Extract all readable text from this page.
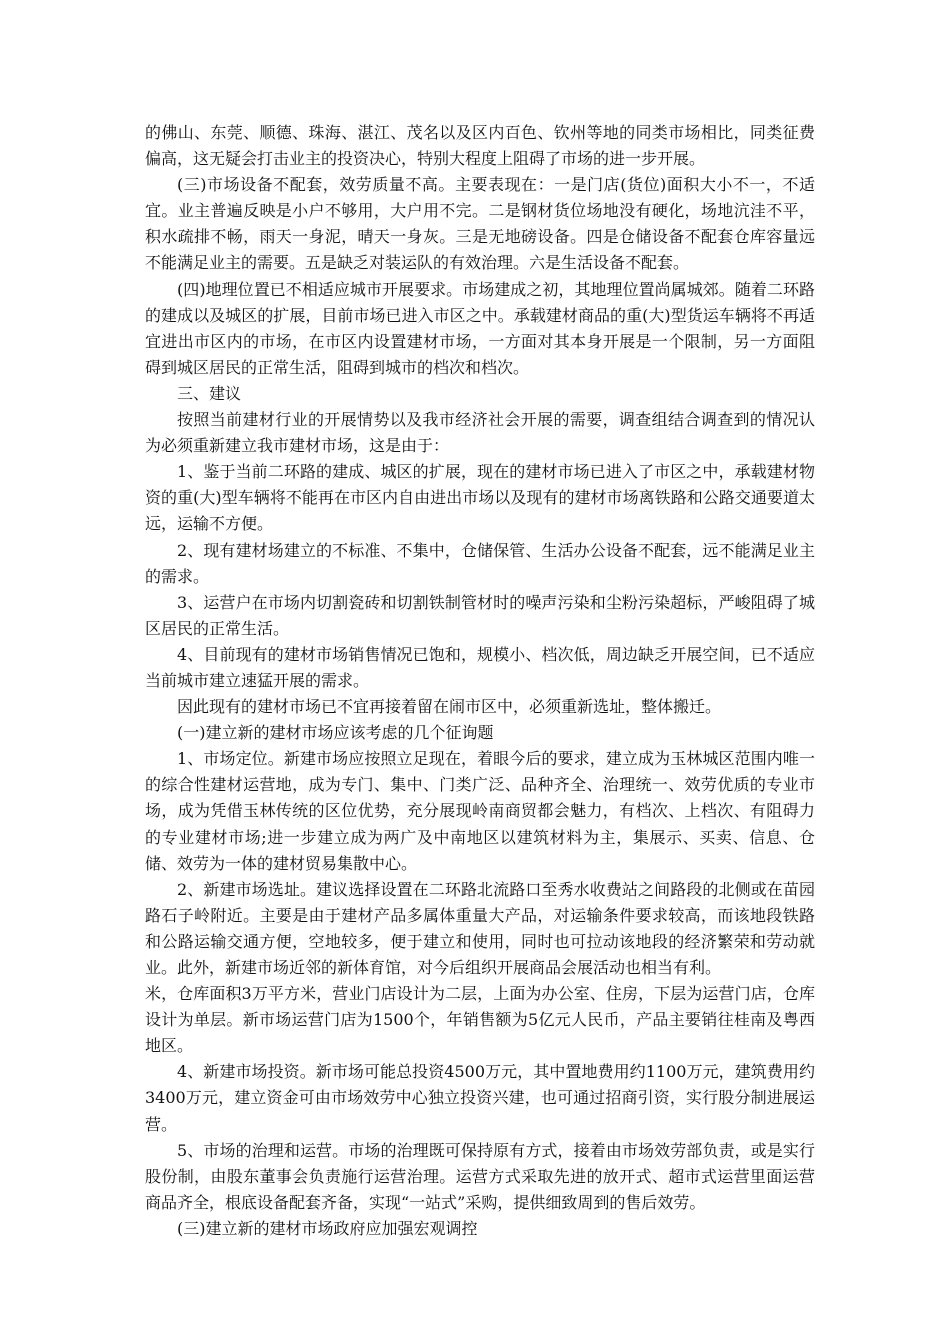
的佛山、东莞、顺德、珠海、湛江、茂名以及区内百色、钦州等地的同类市场相比，同类征费偏高，这无疑会打击业主的投资决心，特别大程度上阻碍了市场的进一步开展。

(三)市场设备不配套，效劳质量不高。主要表现在：一是门店(货位)面积大小不一，不适宜。业主普遍反映是小户不够用，大户用不完。二是钢材货位场地没有硬化，场地沆洼不平，积水疏排不畅，雨天一身泥，晴天一身灰。三是无地磅设备。四是仓储设备不配套仓库容量远不能满足业主的需要。五是缺乏对装运队的有效治理。六是生活设备不配套。

(四)地理位置已不相适应城市开展要求。市场建成之初，其地理位置尚属城郊。随着二环路的建成以及城区的扩展，目前市场已进入市区之中。承载建材商品的重(大)型货运车辆将不再适宜进出市区内的市场，在市区内设置建材市场，一方面对其本身开展是一个限制，另一方面阻碍到城区居民的正常生活，阻碍到城市的档次和档次。

三、建议

按照当前建材行业的开展情势以及我市经济社会开展的需要，调查组结合调查到的情况认为必须重新建立我市建材市场，这是由于：

1、鉴于当前二环路的建成、城区的扩展，现在的建材市场已进入了市区之中，承载建材物资的重(大)型车辆将不能再在市区内自由进出市场以及现有的建材市场离铁路和公路交通要道太远，运输不方便。

2、现有建材场建立的不标准、不集中，仓储保管、生活办公设备不配套，远不能满足业主的需求。

3、运营户在市场内切割瓷砖和切割铁制管材时的噪声污染和尘粉污染超标，严峻阻碍了城区居民的正常生活。

4、目前现有的建材市场销售情况已饱和，规模小、档次低，周边缺乏开展空间，已不适应当前城市建立速猛开展的需求。

因此现有的建材市场已不宜再接着留在闹市区中，必须重新选址，整体搬迁。

(一)建立新的建材市场应该考虑的几个征询题

1、市场定位。新建市场应按照立足现在，着眼今后的要求，建立成为玉林城区范围内唯一的综合性建材运营地，成为专门、集中、门类广泛、品种齐全、治理统一、效劳优质的专业市场，成为凭借玉林传统的区位优势，充分展现岭南商贸都会魅力，有档次、上档次、有阻碍力的专业建材市场;进一步建立成为两广及中南地区以建筑材料为主，集展示、买卖、信息、仓储、效劳为一体的建材贸易集散中心。

2、新建市场选址。建议选择设置在二环路北流路口至秀水收费站之间路段的北侧或在苗园路石子岭附近。主要是由于建材产品多属体重量大产品，对运输条件要求较高，而该地段铁路和公路运输交通方便，空地较多，便于建立和使用，同时也可拉动该地段的经济繁荣和劳动就业。此外，新建市场近邻的新体育馆，对今后组织开展商品会展活动也相当有利。

米，仓库面积3万平方米，营业门店设计为二层，上面为办公室、住房，下层为运营门店，仓库设计为单层。新市场运营门店为1500个，年销售额为5亿元人民币，产品主要销往桂南及粤西地区。

4、新建市场投资。新市场可能总投资4500万元，其中置地费用约1100万元，建筑费用约3400万元，建立资金可由市场效劳中心独立投资兴建，也可通过招商引资，实行股分制进展运营。

5、市场的治理和运营。市场的治理既可保持原有方式，接着由市场效劳部负责，或是实行股份制，由股东董事会负责施行运营治理。运营方式采取先进的放开式、超市式运营里面运营商品齐全，根底设备配套齐备，实现“一站式”采购，提供细致周到的售后效劳。

(三)建立新的建材市场政府应加强宏观调控
